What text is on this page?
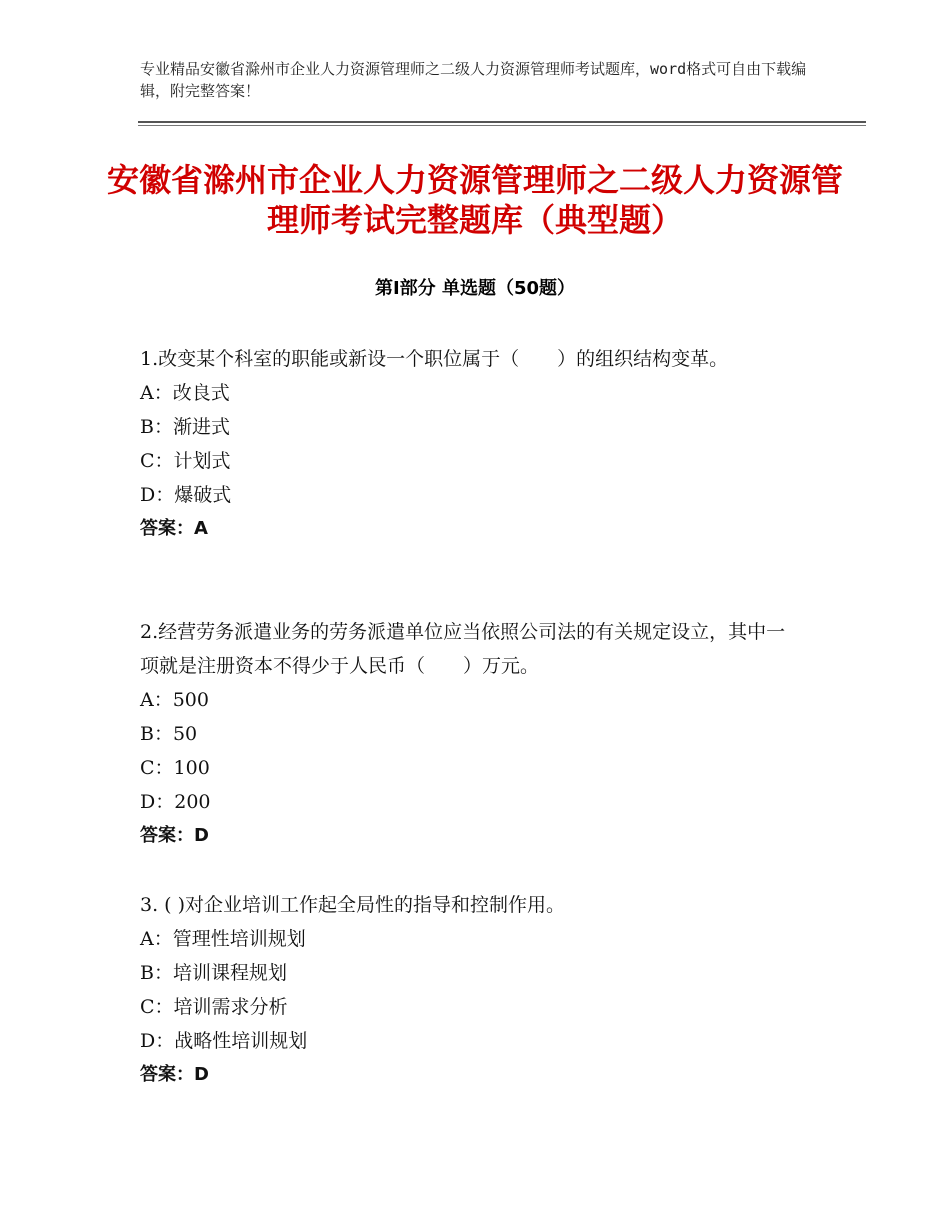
专业精品安徽省滁州市企业人力资源管理师之二级人力资源管理师考试题库，word格式可自由下载编辑，附完整答案！
安徽省滁州市企业人力资源管理师之二级人力资源管理师考试完整题库（典型题）
第Ⅰ部分 单选题（50题）

1.改变某个科室的职能或新设一个职位属于（　　）的组织结构变革。

A：改良式

B：渐进式

C：计划式

D：爆破式

答案：A

2.经营劳务派遣业务的劳务派遣单位应当依照公司法的有关规定设立，其中一项就是注册资本不得少于人民币（　　）万元。

A：500

B：50

C：100

D：200

答案：D

3. ( )对企业培训工作起全局性的指导和控制作用。

A：管理性培训规划

B：培训课程规划

C：培训需求分析

D：战略性培训规划

答案：D
